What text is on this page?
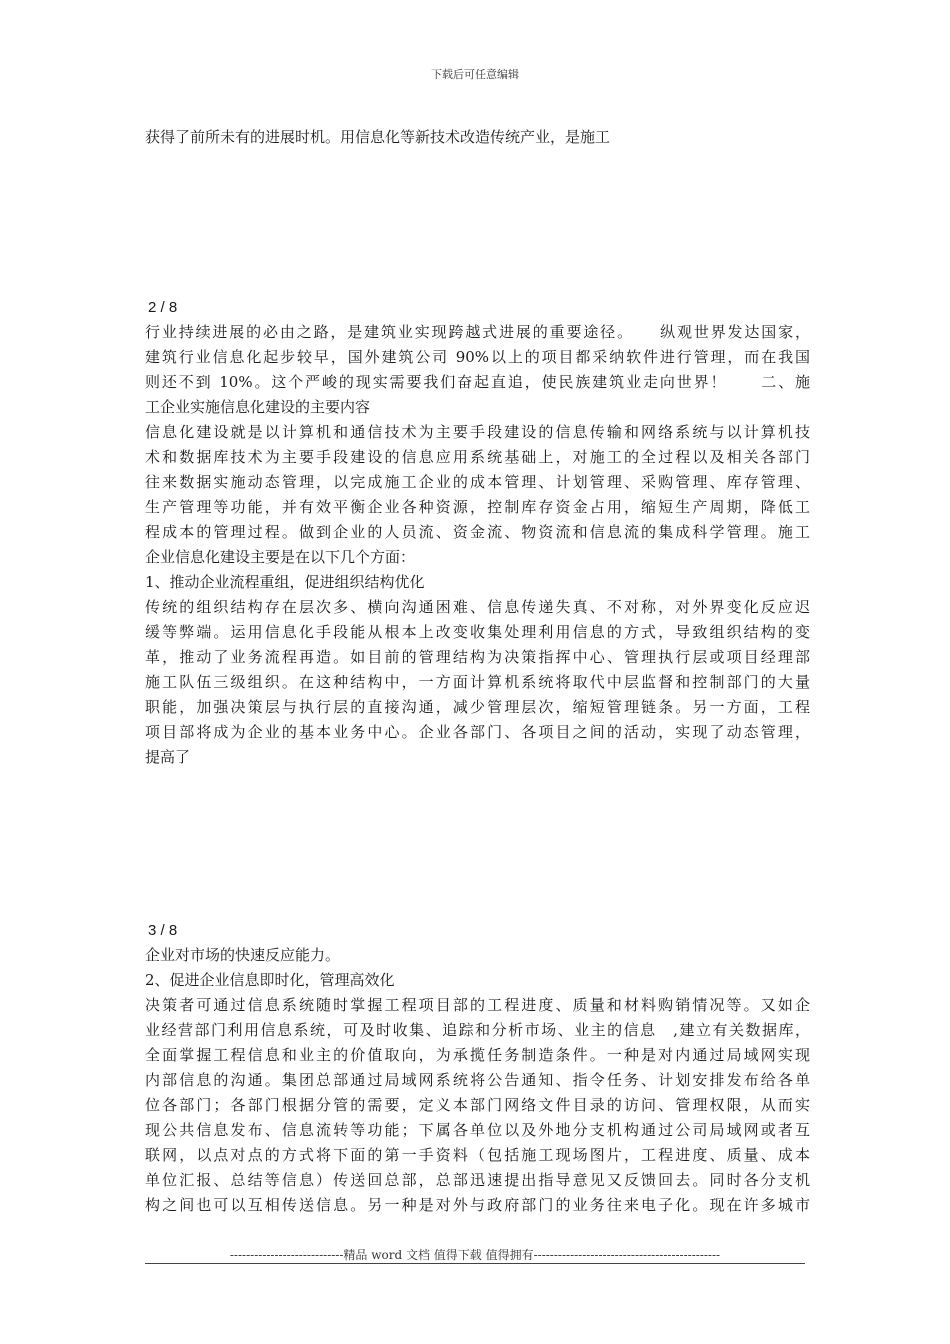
下载后可任意编辑
获得了前所未有的进展时机。用信息化等新技术改造传统产业，是施工
2 / 8
行业持续进展的必由之路，是建筑业实现跨越式进展的重要途径。　　纵观世界发达国家，
建筑行业信息化起步较早，国外建筑公司 90%以上的项目都采纳软件进行管理，而在我国
则还不到 10%。这个严峻的现实需要我们奋起直追，使民族建筑业走向世界！　　二、施
工企业实施信息化建设的主要内容
信息化建设就是以计算机和通信技术为主要手段建设的信息传输和网络系统与以计算机技
术和数据库技术为主要手段建设的信息应用系统基础上，对施工的全过程以及相关各部门
往来数据实施动态管理，以完成施工企业的成本管理、计划管理、采购管理、库存管理、
生产管理等功能，并有效平衡企业各种资源，控制库存资金占用，缩短生产周期，降低工
程成本的管理过程。做到企业的人员流、资金流、物资流和信息流的集成科学管理。施工
企业信息化建设主要是在以下几个方面：
1、推动企业流程重组，促进组织结构优化
传统的组织结构存在层次多、横向沟通困难、信息传递失真、不对称，对外界变化反应迟
缓等弊端。运用信息化手段能从根本上改变收集处理利用信息的方式，导致组织结构的变
革，推动了业务流程再造。如目前的管理结构为决策指挥中心、管理执行层或项目经理部
施工队伍三级组织。在这种结构中，一方面计算机系统将取代中层监督和控制部门的大量
职能，加强决策层与执行层的直接沟通，减少管理层次，缩短管理链条。另一方面，工程
项目部将成为企业的基本业务中心。企业各部门、各项目之间的活动，实现了动态管理，
提高了
3 / 8
企业对市场的快速反应能力。
2、促进企业信息即时化，管理高效化
决策者可通过信息系统随时掌握工程项目部的工程进度、质量和材料购销情况等。又如企
业经营部门利用信息系统，可及时收集、追踪和分析市场、业主的信息　,建立有关数据库，
全面掌握工程信息和业主的价值取向，为承揽任务制造条件。一种是对内通过局域网实现
内部信息的沟通。集团总部通过局域网系统将公告通知、指令任务、计划安排发布给各单
位各部门；各部门根据分管的需要，定义本部门网络文件目录的访问、管理权限，从而实
现公共信息发布、信息流转等功能；下属各单位以及外地分支机构通过公司局域网或者互
联网，以点对点的方式将下面的第一手资料（包括施工现场图片，工程进度、质量、成本
单位汇报、总结等信息）传送回总部，总部迅速提出指导意见又反馈回去。同时各分支机
构之间也可以互相传送信息。另一种是对外与政府部门的业务往来电子化。现在许多城市
----------------------------精品 word 文档 值得下载 值得拥有----------------------------------------------
